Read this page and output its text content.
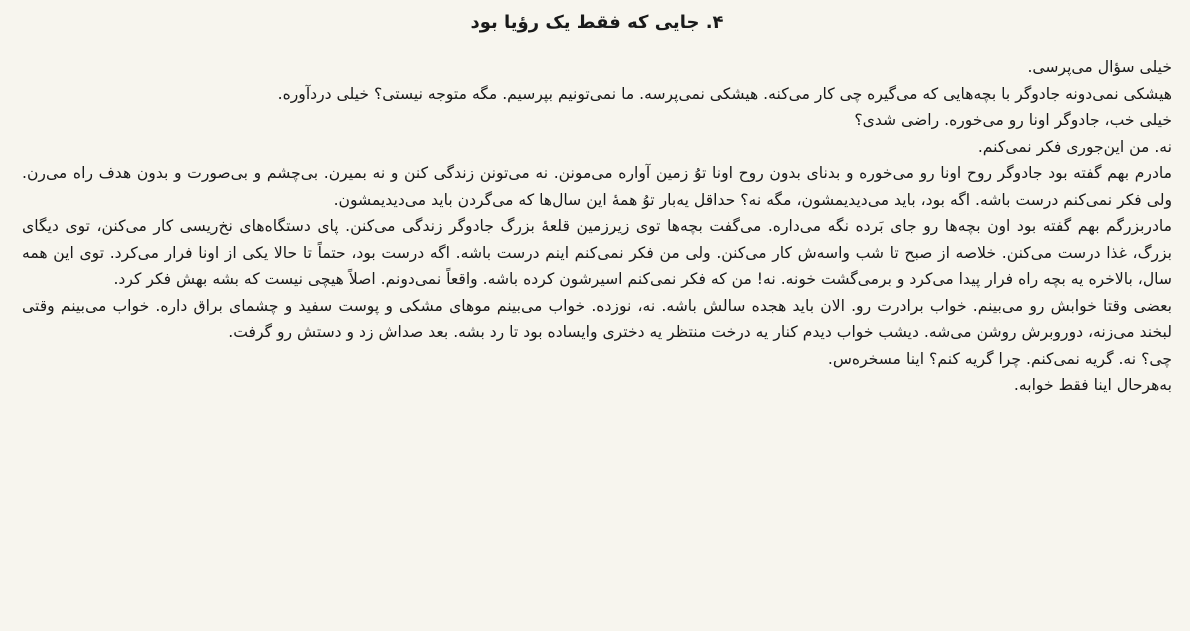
۴. جایی که فقط یک رؤیا بود

خیلی سؤال می‌پرسی.

هیشکی نمی‌دونه جادوگر با بچه‌هایی که می‌گیره چی کار می‌کنه. هیشکی نمی‌پرسه. ما نمی‌تونیم بپرسیم. مگه متوجه نیستی؟ خیلی دردآوره.

خیلی خب، جادوگر اونا رو می‌خوره. راضی شدی؟

نه. من این‌جوری فکر نمی‌کنم.

مادرم بهم گفته بود جادوگر روح اونا رو می‌خوره و بدنای بدون روح اونا توُ زمین آواره می‌مونن. نه می‌تونن زندگی کنن و نه بمیرن. بی‌چشم و بی‌صورت و بدون هدف راه می‌رن. ولی فکر نمی‌کنم درست باشه. اگه بود، باید می‌دیدیمشون، مگه نه؟ حداقل یه‌بار توُ همهٔ این سال‌ها که می‌گردن باید می‌دیدیمشون.

مادربزرگم بهم گفته بود اون بچه‌ها رو جای بَرده نگه می‌داره. می‌گفت بچه‌ها توی زیرزمین قلعهٔ بزرگ جادوگر زندگی می‌کنن. پای دستگاه‌های نخ‌ریسی کار می‌کنن، توی دیگای بزرگ، غذا درست می‌کنن. خلاصه از صبح تا شب واسه‌ش کار می‌کنن. ولی من فکر نمی‌کنم اینم درست باشه. اگه درست بود، حتماً تا حالا یکی از اونا فرار می‌کرد. توی این همه سال، بالاخره یه بچه راه فرار پیدا می‌کرد و برمی‌گشت خونه. نه! من که فکر نمی‌کنم اسیرشون کرده باشه. واقعاً نمی‌دونم. اصلاً هیچی نیست که بشه بهش فکر کرد.

بعضی وقتا خوابش رو می‌بینم. خواب برادرت رو. الان باید هجده سالش باشه. نه، نوزده. خواب می‌بینم موهای مشکی و پوست سفید و چشمای براق داره. خواب می‌بینم وقتی لبخند می‌زنه، دوروبرش روشن می‌شه. دیشب خواب دیدم کنار یه درخت منتظر یه دختری وایساده بود تا رد بشه. بعد صداش زد و دستش رو گرفت.

چی؟ نه. گریه نمی‌کنم. چرا گریه کنم؟ اینا مسخره‌س.

به‌هرحال اینا فقط خوابه.
